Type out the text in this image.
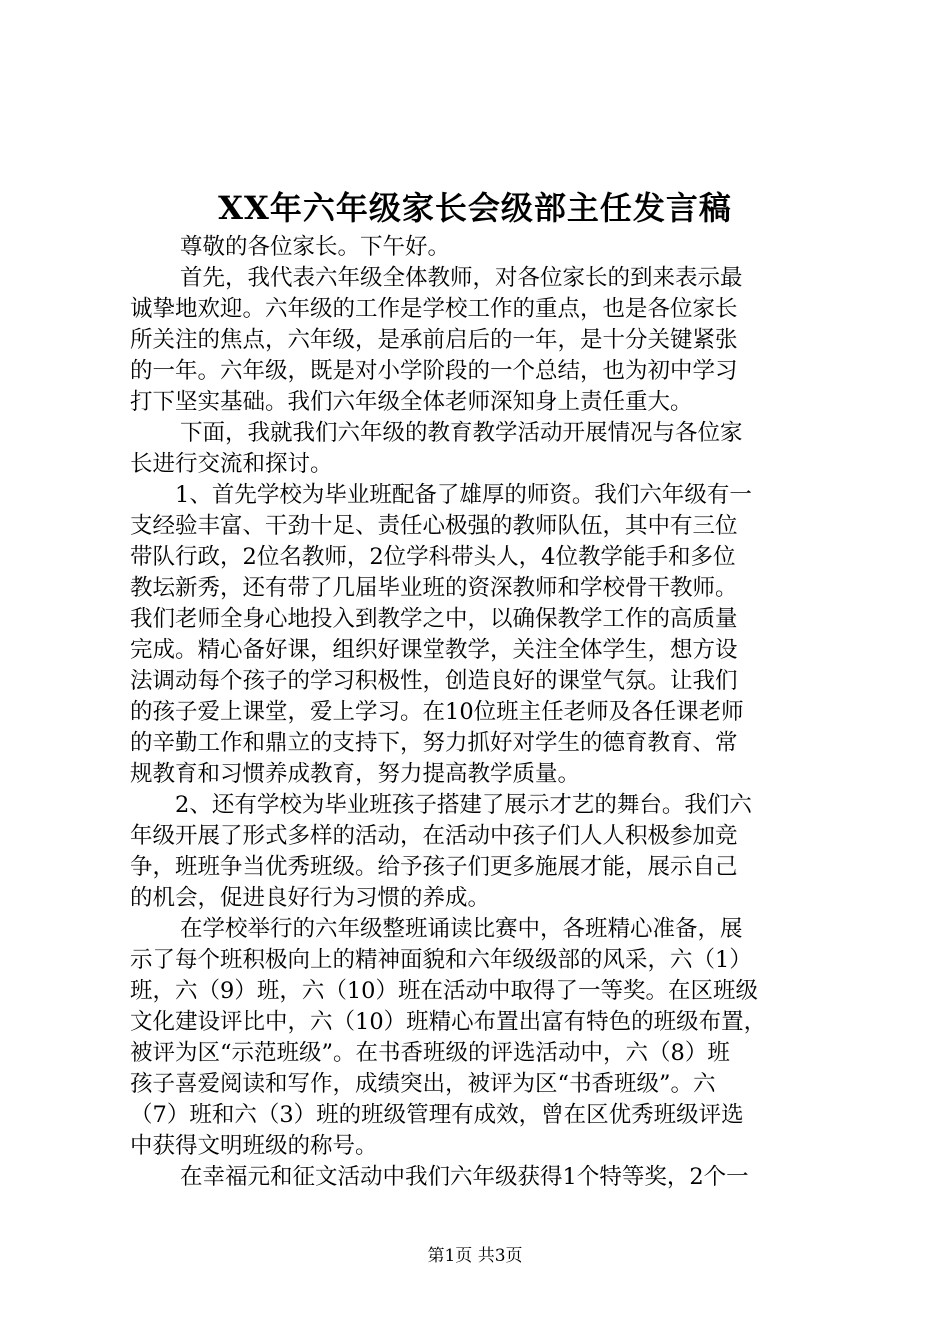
XX年六年级家长会级部主任发言稿
尊敬的各位家长。下午好。
首先，我代表六年级全体教师，对各位家长的到来表示最
诚挚地欢迎。六年级的工作是学校工作的重点，也是各位家长
所关注的焦点，六年级，是承前启后的一年，是十分关键紧张
的一年。六年级，既是对小学阶段的一个总结，也为初中学习
打下坚实基础。我们六年级全体老师深知身上责任重大。
下面，我就我们六年级的教育教学活动开展情况与各位家
长进行交流和探讨。
1、首先学校为毕业班配备了雄厚的师资。我们六年级有一
支经验丰富、干劲十足、责任心极强的教师队伍，其中有三位
带队行政，2位名教师，2位学科带头人，4位教学能手和多位
教坛新秀，还有带了几届毕业班的资深教师和学校骨干教师。
我们老师全身心地投入到教学之中，以确保教学工作的高质量
完成。精心备好课，组织好课堂教学，关注全体学生，想方设
法调动每个孩子的学习积极性，创造良好的课堂气氛。让我们
的孩子爱上课堂，爱上学习。在10位班主任老师及各任课老师
的辛勤工作和鼎立的支持下，努力抓好对学生的德育教育、常
规教育和习惯养成教育，努力提高教学质量。
2、还有学校为毕业班孩子搭建了展示才艺的舞台。我们六
年级开展了形式多样的活动，在活动中孩子们人人积极参加竞
争，班班争当优秀班级。给予孩子们更多施展才能，展示自己
的机会，促进良好行为习惯的养成。
在学校举行的六年级整班诵读比赛中，各班精心准备，展
示了每个班积极向上的精神面貌和六年级级部的风采，六（1）
班，六（9）班，六（10）班在活动中取得了一等奖。在区班级
文化建设评比中，六（10）班精心布置出富有特色的班级布置，
被评为区“示范班级”。在书香班级的评选活动中，六（8）班
孩子喜爱阅读和写作，成绩突出，被评为区“书香班级”。六
（7）班和六（3）班的班级管理有成效，曾在区优秀班级评选
中获得文明班级的称号。
在幸福元和征文活动中我们六年级获得1个特等奖，2个一
第1页 共3页
